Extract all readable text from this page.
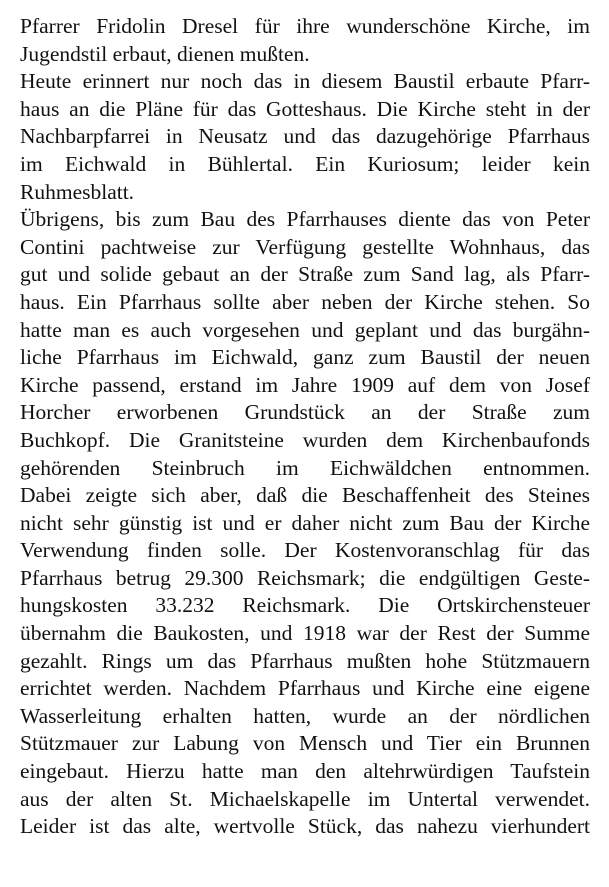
Pfarrer Fridolin Dresel für ihre wunderschöne Kirche, im
Jugendstil erbaut, dienen mußten.
Heute erinnert nur noch das in diesem Baustil erbaute Pfarr-
haus an die Pläne für das Gotteshaus. Die Kirche steht in der
Nachbarpfarrei in Neusatz und das dazugehörige Pfarrhaus
im Eichwald in Bühlertal. Ein Kuriosum; leider kein
Ruhmesblatt.
Übrigens, bis zum Bau des Pfarrhauses diente das von Peter
Contini pachtweise zur Verfügung gestellte Wohnhaus, das
gut und solide gebaut an der Straße zum Sand lag, als Pfarr-
haus. Ein Pfarrhaus sollte aber neben der Kirche stehen. So
hatte man es auch vorgesehen und geplant und das burgähn-
liche Pfarrhaus im Eichwald, ganz zum Baustil der neuen
Kirche passend, erstand im Jahre 1909 auf dem von Josef
Horcher erworbenen Grundstück an der Straße zum
Buchkopf. Die Granitsteine wurden dem Kirchenbaufonds
gehörenden Steinbruch im Eichwäldchen entnommen.
Dabei zeigte sich aber, daß die Beschaffenheit des Steines
nicht sehr günstig ist und er daher nicht zum Bau der Kirche
Verwendung finden solle. Der Kostenvoranschlag für das
Pfarrhaus betrug 29.300 Reichsmark; die endgültigen Geste-
hungskosten 33.232 Reichsmark. Die Ortskirchensteuer
übernahm die Baukosten, und 1918 war der Rest der Summe
gezahlt. Rings um das Pfarrhaus mußten hohe Stützmauern
errichtet werden. Nachdem Pfarrhaus und Kirche eine eigene
Wasserleitung erhalten hatten, wurde an der nördlichen
Stützmauer zur Labung von Mensch und Tier ein Brunnen
eingebaut. Hierzu hatte man den altehrwürdigen Taufstein
aus der alten St. Michaelskapelle im Untertal verwendet.
Leider ist das alte, wertvolle Stück, das nahezu vierhundert
